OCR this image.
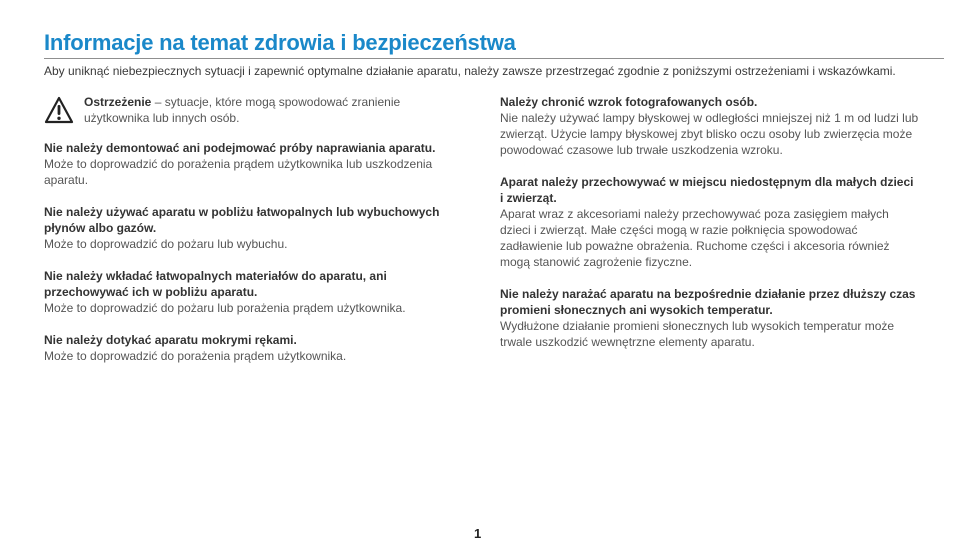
Informacje na temat zdrowia i bezpieczeństwa

Aby uniknąć niebezpiecznych sytuacji i zapewnić optymalne działanie aparatu, należy zawsze przestrzegać zgodnie z poniższymi ostrzeżeniami i wskazówkami.

Ostrzeżenie – sytuacje, które mogą spowodować zranienie użytkownika lub innych osób.
Nie należy demontować ani podejmować próby naprawiania aparatu.
Może to doprowadzić do porażenia prądem użytkownika lub uszkodzenia aparatu.
Nie należy używać aparatu w pobliżu łatwopalnych lub wybuchowych płynów albo gazów.
Może to doprowadzić do pożaru lub wybuchu.
Nie należy wkładać łatwopalnych materiałów do aparatu, ani przechowywać ich w pobliżu aparatu.
Może to doprowadzić do pożaru lub porażenia prądem użytkownika.
Nie należy dotykać aparatu mokrymi rękami.
Może to doprowadzić do porażenia prądem użytkownika.
Należy chronić wzrok fotografowanych osób.
Nie należy używać lampy błyskowej w odległości mniejszej niż 1 m od ludzi lub zwierząt. Użycie lampy błyskowej zbyt blisko oczu osoby lub zwierzęcia może powodować czasowe lub trwałe uszkodzenia wzroku.
Aparat należy przechowywać w miejscu niedostępnym dla małych dzieci i zwierząt.
Aparat wraz z akcesoriami należy przechowywać poza zasięgiem małych dzieci i zwierząt. Małe części mogą w razie połknięcia spowodować zadławienie lub poważne obrażenia. Ruchome części i akcesoria również mogą stanowić zagrożenie fizyczne.
Nie należy narażać aparatu na bezpośrednie działanie przez dłuższy czas promieni słonecznych ani wysokich temperatur.
Wydłużone działanie promieni słonecznych lub wysokich temperatur może trwale uszkodzić wewnętrzne elementy aparatu.
1
